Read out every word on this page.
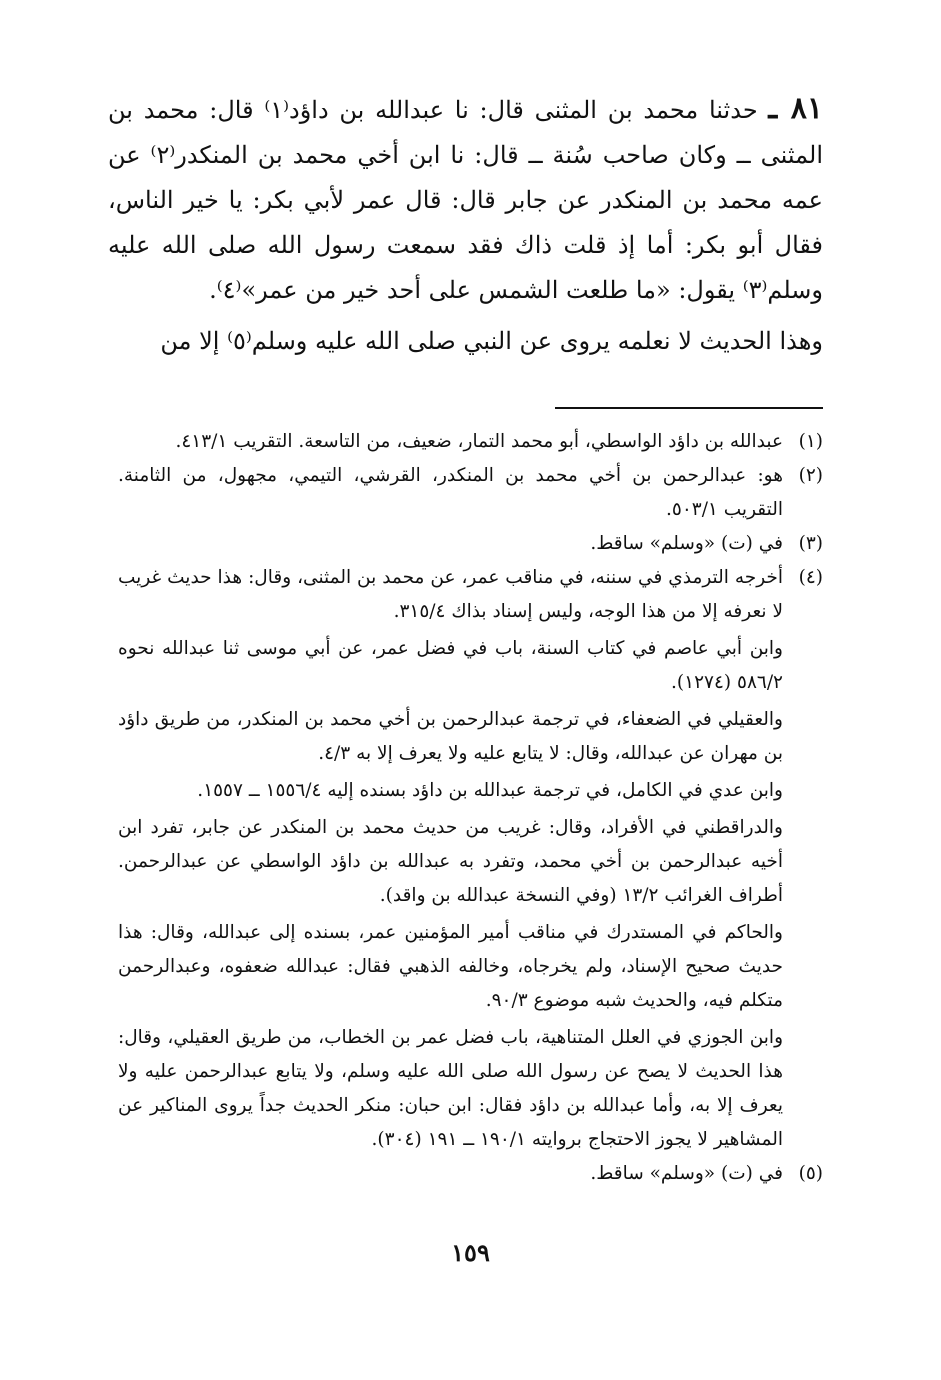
٨١ ـ حدثنا محمد بن المثنى قال: نا عبدالله بن داؤد⁽١⁾ قال: محمد بن المثنى ــ وكان صاحب سُنة ــ قال: نا ابن أخي محمد بن المنكدر⁽٢⁾ عن عمه محمد بن المنكدر عن جابر قال: قال عمر لأبي بكر: يا خير الناس، فقال أبو بكر: أما إذ قلت ذاك فقد سمعت رسول الله صلى الله عليه وسلم⁽٣⁾ يقول: «ما طلعت الشمس على أحد خير من عمر»⁽٤⁾.

وهذا الحديث لا نعلمه يروى عن النبي صلى الله عليه وسلم⁽٥⁾ إلا من

(١)

عبدالله بن داؤد الواسطي، أبو محمد التمار، ضعيف، من التاسعة. التقريب ٤١٣/١.

(٢)

هو: عبدالرحمن بن أخي محمد بن المنكدر، القرشي، التيمي، مجهول، من الثامنة. التقريب ٥٠٣/١.

(٣)

في (ت) «وسلم» ساقط.

(٤)

أخرجه الترمذي في سننه، في مناقب عمر، عن محمد بن المثنى، وقال: هذا حديث غريب لا نعرفه إلا من هذا الوجه، وليس إسناد بذاك ٣١٥/٤.

وابن أبي عاصم في كتاب السنة، باب في فضل عمر، عن أبي موسى ثنا عبدالله نحوه ٥٨٦/٢ (١٢٧٤).

والعقيلي في الضعفاء، في ترجمة عبدالرحمن بن أخي محمد بن المنكدر، من طريق داؤد بن مهران عن عبدالله، وقال: لا يتابع عليه ولا يعرف إلا به ٤/٣.

وابن عدي في الكامل، في ترجمة عبدالله بن داؤد بسنده إليه ١٥٥٦/٤ ــ ١٥٥٧.

والدراقطني في الأفراد، وقال: غريب من حديث محمد بن المنكدر عن جابر، تفرد ابن أخيه عبدالرحمن بن أخي محمد، وتفرد به عبدالله بن داؤد الواسطي عن عبدالرحمن. أطراف الغرائب ١٣/٢ (وفي النسخة عبدالله بن واقد).

والحاكم في المستدرك في مناقب أمير المؤمنين عمر، بسنده إلى عبدالله، وقال: هذا حديث صحيح الإسناد، ولم يخرجاه، وخالفه الذهبي فقال: عبدالله ضعفوه، وعبدالرحمن متكلم فيه، والحديث شبه موضوع ٩٠/٣.

وابن الجوزي في العلل المتناهية، باب فضل عمر بن الخطاب، من طريق العقيلي، وقال: هذا الحديث لا يصح عن رسول الله صلى الله عليه وسلم، ولا يتابع عبدالرحمن عليه ولا يعرف إلا به، وأما عبدالله بن داؤد فقال: ابن حبان: منكر الحديث جداً يروى المناكير عن المشاهير لا يجوز الاحتجاج بروايته ١٩٠/١ ــ ١٩١ (٣٠٤).

(٥)

في (ت) «وسلم» ساقط.

١٥٩
